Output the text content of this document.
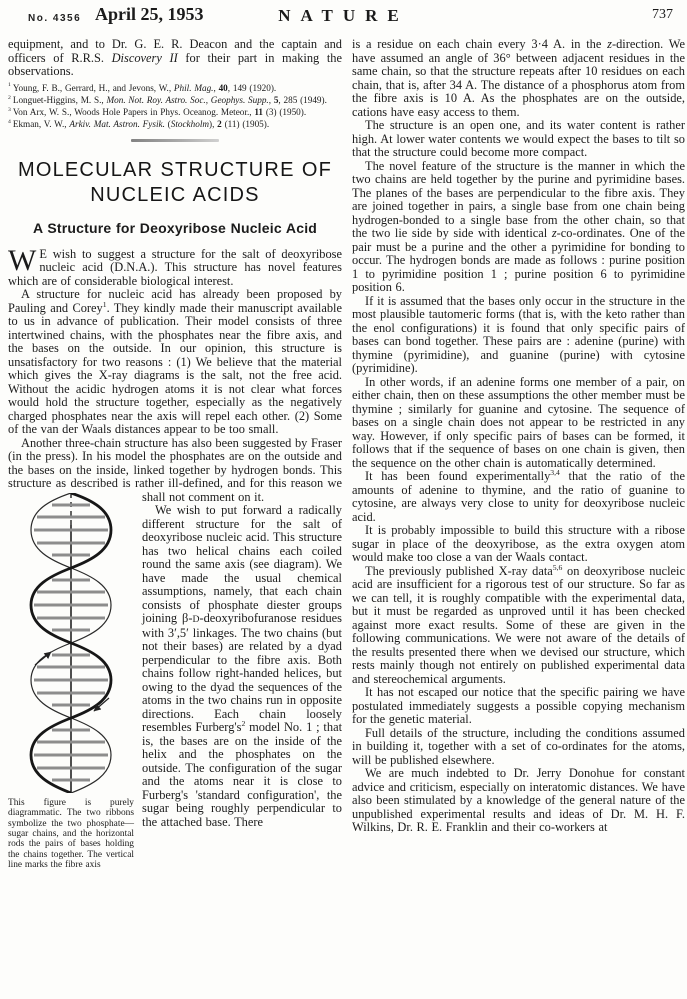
No. 4356 April 25, 1953	NATURE	737

equipment, and to Dr. G. E. R. Deacon and the captain and officers of R.R.S. Discovery II for their part in making the observations.

$^1$ Young, F. B., Gerrard, H., and Jevons, W., Phil. Mag., 40, 149 (1920).
$^2$ Longuet-Higgins, M. S., Mon. Not. Roy. Astro. Soc., Geophys. Supp., 5, 285 (1949).
$^3$ Von Arx, W. S., Woods Hole Papers in Phys. Oceanog. Meteor., 11 (3) (1950).
$^4$ Ekman, V. W., Arkiv. Mat. Astron. Fysik. (Stockholm), 2 (11) (1905).
MOLECULAR STRUCTURE OF
NUCLEIC ACIDS
A Structure for Deoxyribose Nucleic Acid

W E wish to suggest a structure for the salt of deoxyribose nucleic acid (D.N.A.). This structure has novel features which are of considerable biological interest.

A structure for nucleic acid has already been proposed by Pauling and Corey$^1$. They kindly made their manuscript available to us in advance of publication. Their model consists of three intertwined chains, with the phosphates near the fibre axis, and the bases on the outside. In our opinion, this structure is unsatisfactory for two reasons : (1) We believe that the material which gives the X-ray diagrams is the salt, not the free acid. Without the acidic hydrogen atoms it is not clear what forces would hold the structure together, especially as the negatively charged phosphates near the axis will repel each other. (2) Some of the van der Waals distances appear to be too small.

Another three-chain structure has also been suggested by Fraser (in the press). In his model the phosphates are on the outside and the bases on the inside, linked together by hydrogen bonds. This structure as described is rather ill-defined, and for
This figure is purely diagrammatic. The two ribbons symbolize the two phosphate—sugar chains, and the horizontal rods the pairs of bases holding the chains together. The vertical line marks the fibre axis
this reason we shall not comment on it.

We wish to put forward a radically different structure for the salt of deoxyribose nucleic acid. This structure has two helical chains each coiled round the same axis (see diagram). We have made the usual chemical assumptions, namely, that each chain consists of phosphate diester groups joining β-D-deoxyribofuranose residues with 3′,5′ linkages. The two chains (but not their bases) are related by a dyad perpendicular to the fibre axis. Both chains follow right-handed helices, but owing to the dyad the sequences of the atoms in the two chains run in opposite directions. Each chain loosely resembles $Furberg's^2$ model No. 1 ; that is, the bases are on the inside of the helix and the phosphates on the outside. The configuration of the sugar and the atoms near it is close to Furberg's 'standard configuration', the sugar being roughly perpendicular to the attached base. There

is a residue on each chain every 3·4 A. in the z-direction. We have assumed an angle of 36° between adjacent residues in the same chain, so that the structure repeats after 10 residues on each chain, that is, after 34 A. The distance of a phosphorus atom from the fibre axis is 10 A. As the phosphates are on the outside, cations have easy access to them.

The structure is an open one, and its water content is rather high. At lower water contents we would expect the bases to tilt so that the structure could become more compact.

The novel feature of the structure is the manner in which the two chains are held together by the purine and pyrimidine bases. The planes of the bases are perpendicular to the fibre axis. They are joined together in pairs, a single base from one chain being hydrogen-bonded to a single base from the other chain, so that the two lie side by side with identical z-co-ordinates. One of the pair must be a purine and the other a pyrimidine for bonding to occur. The hydrogen bonds are made as follows : purine position 1 to pyrimidine position 1 ; purine position 6 to pyrimidine position 6.

If it is assumed that the bases only occur in the structure in the most plausible tautomeric forms (that is, with the keto rather than the enol configurations) it is found that only specific pairs of bases can bond together. These pairs are : adenine (purine) with thymine (pyrimidine), and guanine (purine) with cytosine (pyrimidine).

In other words, if an adenine forms one member of a pair, on either chain, then on these assumptions the other member must be thymine ; similarly for guanine and cytosine. The sequence of bases on a single chain does not appear to be restricted in any way. However, if only specific pairs of bases can be formed, it follows that if the sequence of bases on one chain is given, then the sequence on the other chain is automatically determined.

It has been found experimentally$^{3,4}$ that the ratio of the amounts of adenine to thymine, and the ratio of guanine to cytosine, are always very close to unity for deoxyribose nucleic acid.

It is probably impossible to build this structure with a ribose sugar in place of the deoxyribose, as the extra oxygen atom would make too close a van der Waals contact.

The previously published X-ray data$^{5,6}$ on deoxyribose nucleic acid are insufficient for a rigorous test of our structure. So far as we can tell, it is roughly compatible with the experimental data, but it must be regarded as unproved until it has been checked against more exact results. Some of these are given in the following communications. We were not aware of the details of the results presented there when we devised our structure, which rests mainly though not entirely on published experimental data and stereochemical arguments.

It has not escaped our notice that the specific pairing we have postulated immediately suggests a possible copying mechanism for the genetic material.

Full details of the structure, including the conditions assumed in building it, together with a set of co-ordinates for the atoms, will be published elsewhere.

We are much indebted to Dr. Jerry Donohue for constant advice and criticism, especially on interatomic distances. We have also been stimulated by a knowledge of the general nature of the unpublished experimental results and ideas of Dr. M. H. F. Wilkins, Dr. R. E. Franklin and their co-workers at
